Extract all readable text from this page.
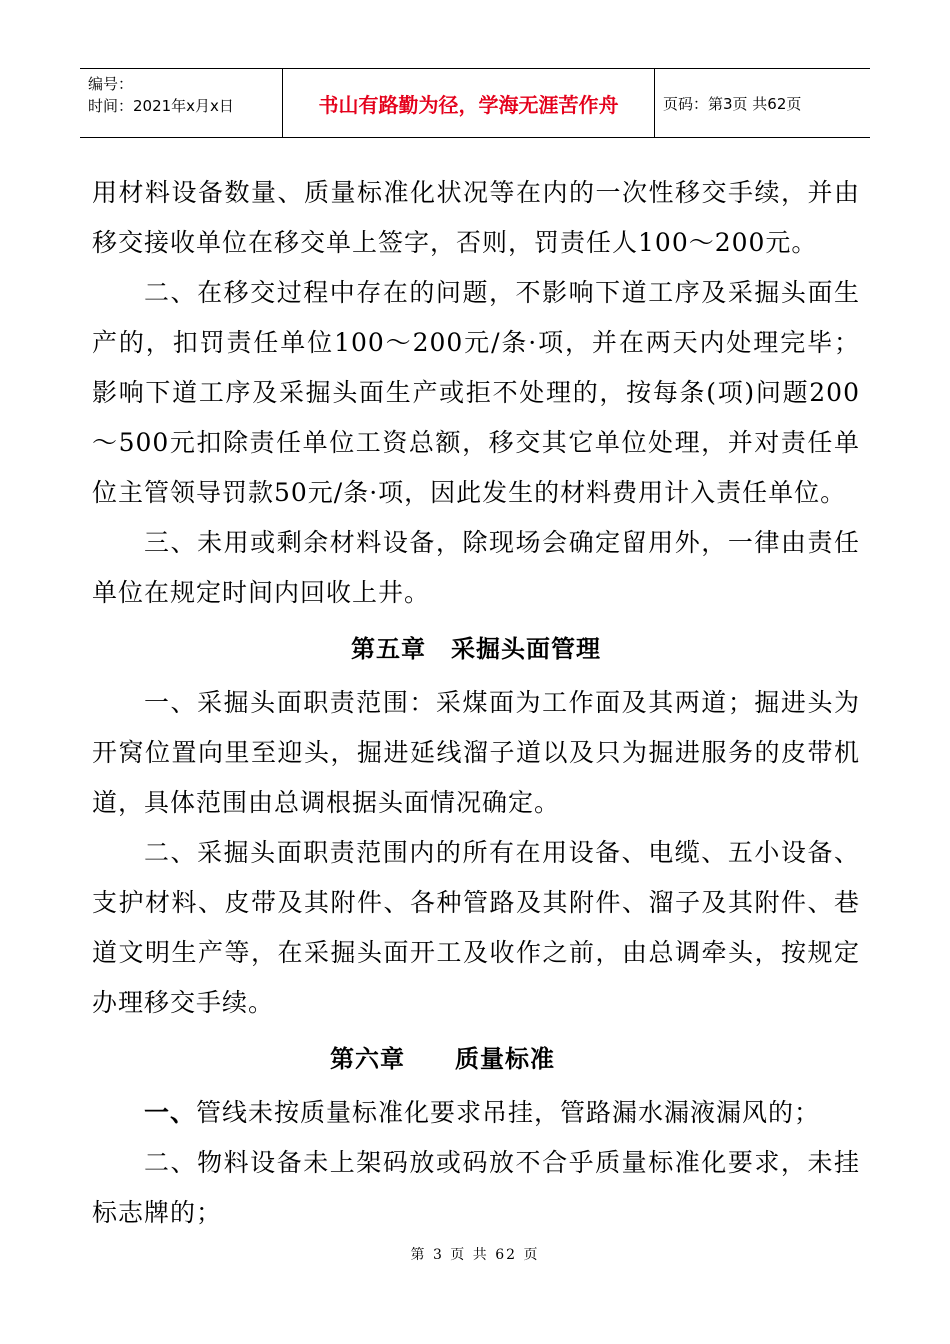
编号：
时间：2021年x月x日	书山有路勤为径，学海无涯苦作舟	页码：第3页 共62页

用材料设备数量、质量标准化状况等在内的一次性移交手续，并由移交接收单位在移交单上签字，否则，罚责任人100～200元。

二、在移交过程中存在的问题，不影响下道工序及采掘头面生产的，扣罚责任单位100～200元/条·项，并在两天内处理完毕；影响下道工序及采掘头面生产或拒不处理的，按每条(项)问题200～500元扣除责任单位工资总额，移交其它单位处理，并对责任单位主管领导罚款50元/条·项，因此发生的材料费用计入责任单位。

三、未用或剩余材料设备，除现场会确定留用外，一律由责任单位在规定时间内回收上井。

第五章　采掘头面管理

一、采掘头面职责范围：采煤面为工作面及其两道；掘进头为开窝位置向里至迎头，掘进延线溜子道以及只为掘进服务的皮带机道，具体范围由总调根据头面情况确定。

二、采掘头面职责范围内的所有在用设备、电缆、五小设备、支护材料、皮带及其附件、各种管路及其附件、溜子及其附件、巷道文明生产等，在采掘头面开工及收作之前，由总调牵头，按规定办理移交手续。

第六章　　质量标准

一、管线未按质量标准化要求吊挂，管路漏水漏液漏风的；

二、物料设备未上架码放或码放不合乎质量标准化要求，未挂标志牌的；

第 3 页 共 62 页
